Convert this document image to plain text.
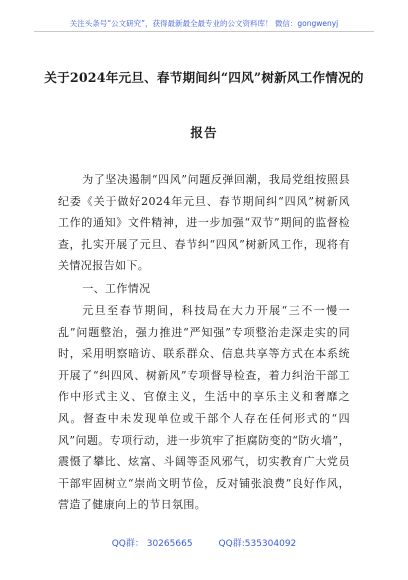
关注头条号“公文研究”，获得最新最全最专业的公文资料库！ 微信：gongwenyj
关于2024年元旦、春节期间纠“四风”树新风工作情况的
报告

为了坚决遏制“四风”问题反弹回潮，我局党组按照县纪委《关于做好2024年元旦、春节期间纠“四风”树新风工作的通知》文件精神，进一步加强“双节”期间的监督检查，扎实开展了元旦、春节纠“四风”树新风工作，现将有关情况报告如下。

一、工作情况

元旦至春节期间，科技局在大力开展“三不一慢一乱”问题整治，强力推进“严知强”专项整治走深走实的同时，采用明察暗访、联系群众、信息共享等方式在本系统开展了“纠四风、树新风”专项督导检查，着力纠治干部工作中形式主义、官僚主义，生活中的享乐主义和奢靡之风。督查中未发现单位或干部个人存在任何形式的“四风”问题。专项行动，进一步筑牢了拒腐防变的“防火墙”，震慑了攀比、炫富、斗阔等歪风邪气，切实教育广大党员干部牢固树立“崇尚文明节俭，反对铺张浪费”良好作风，营造了健康向上的节日氛围。

QQ群： 30265665	QQ群:535304092
